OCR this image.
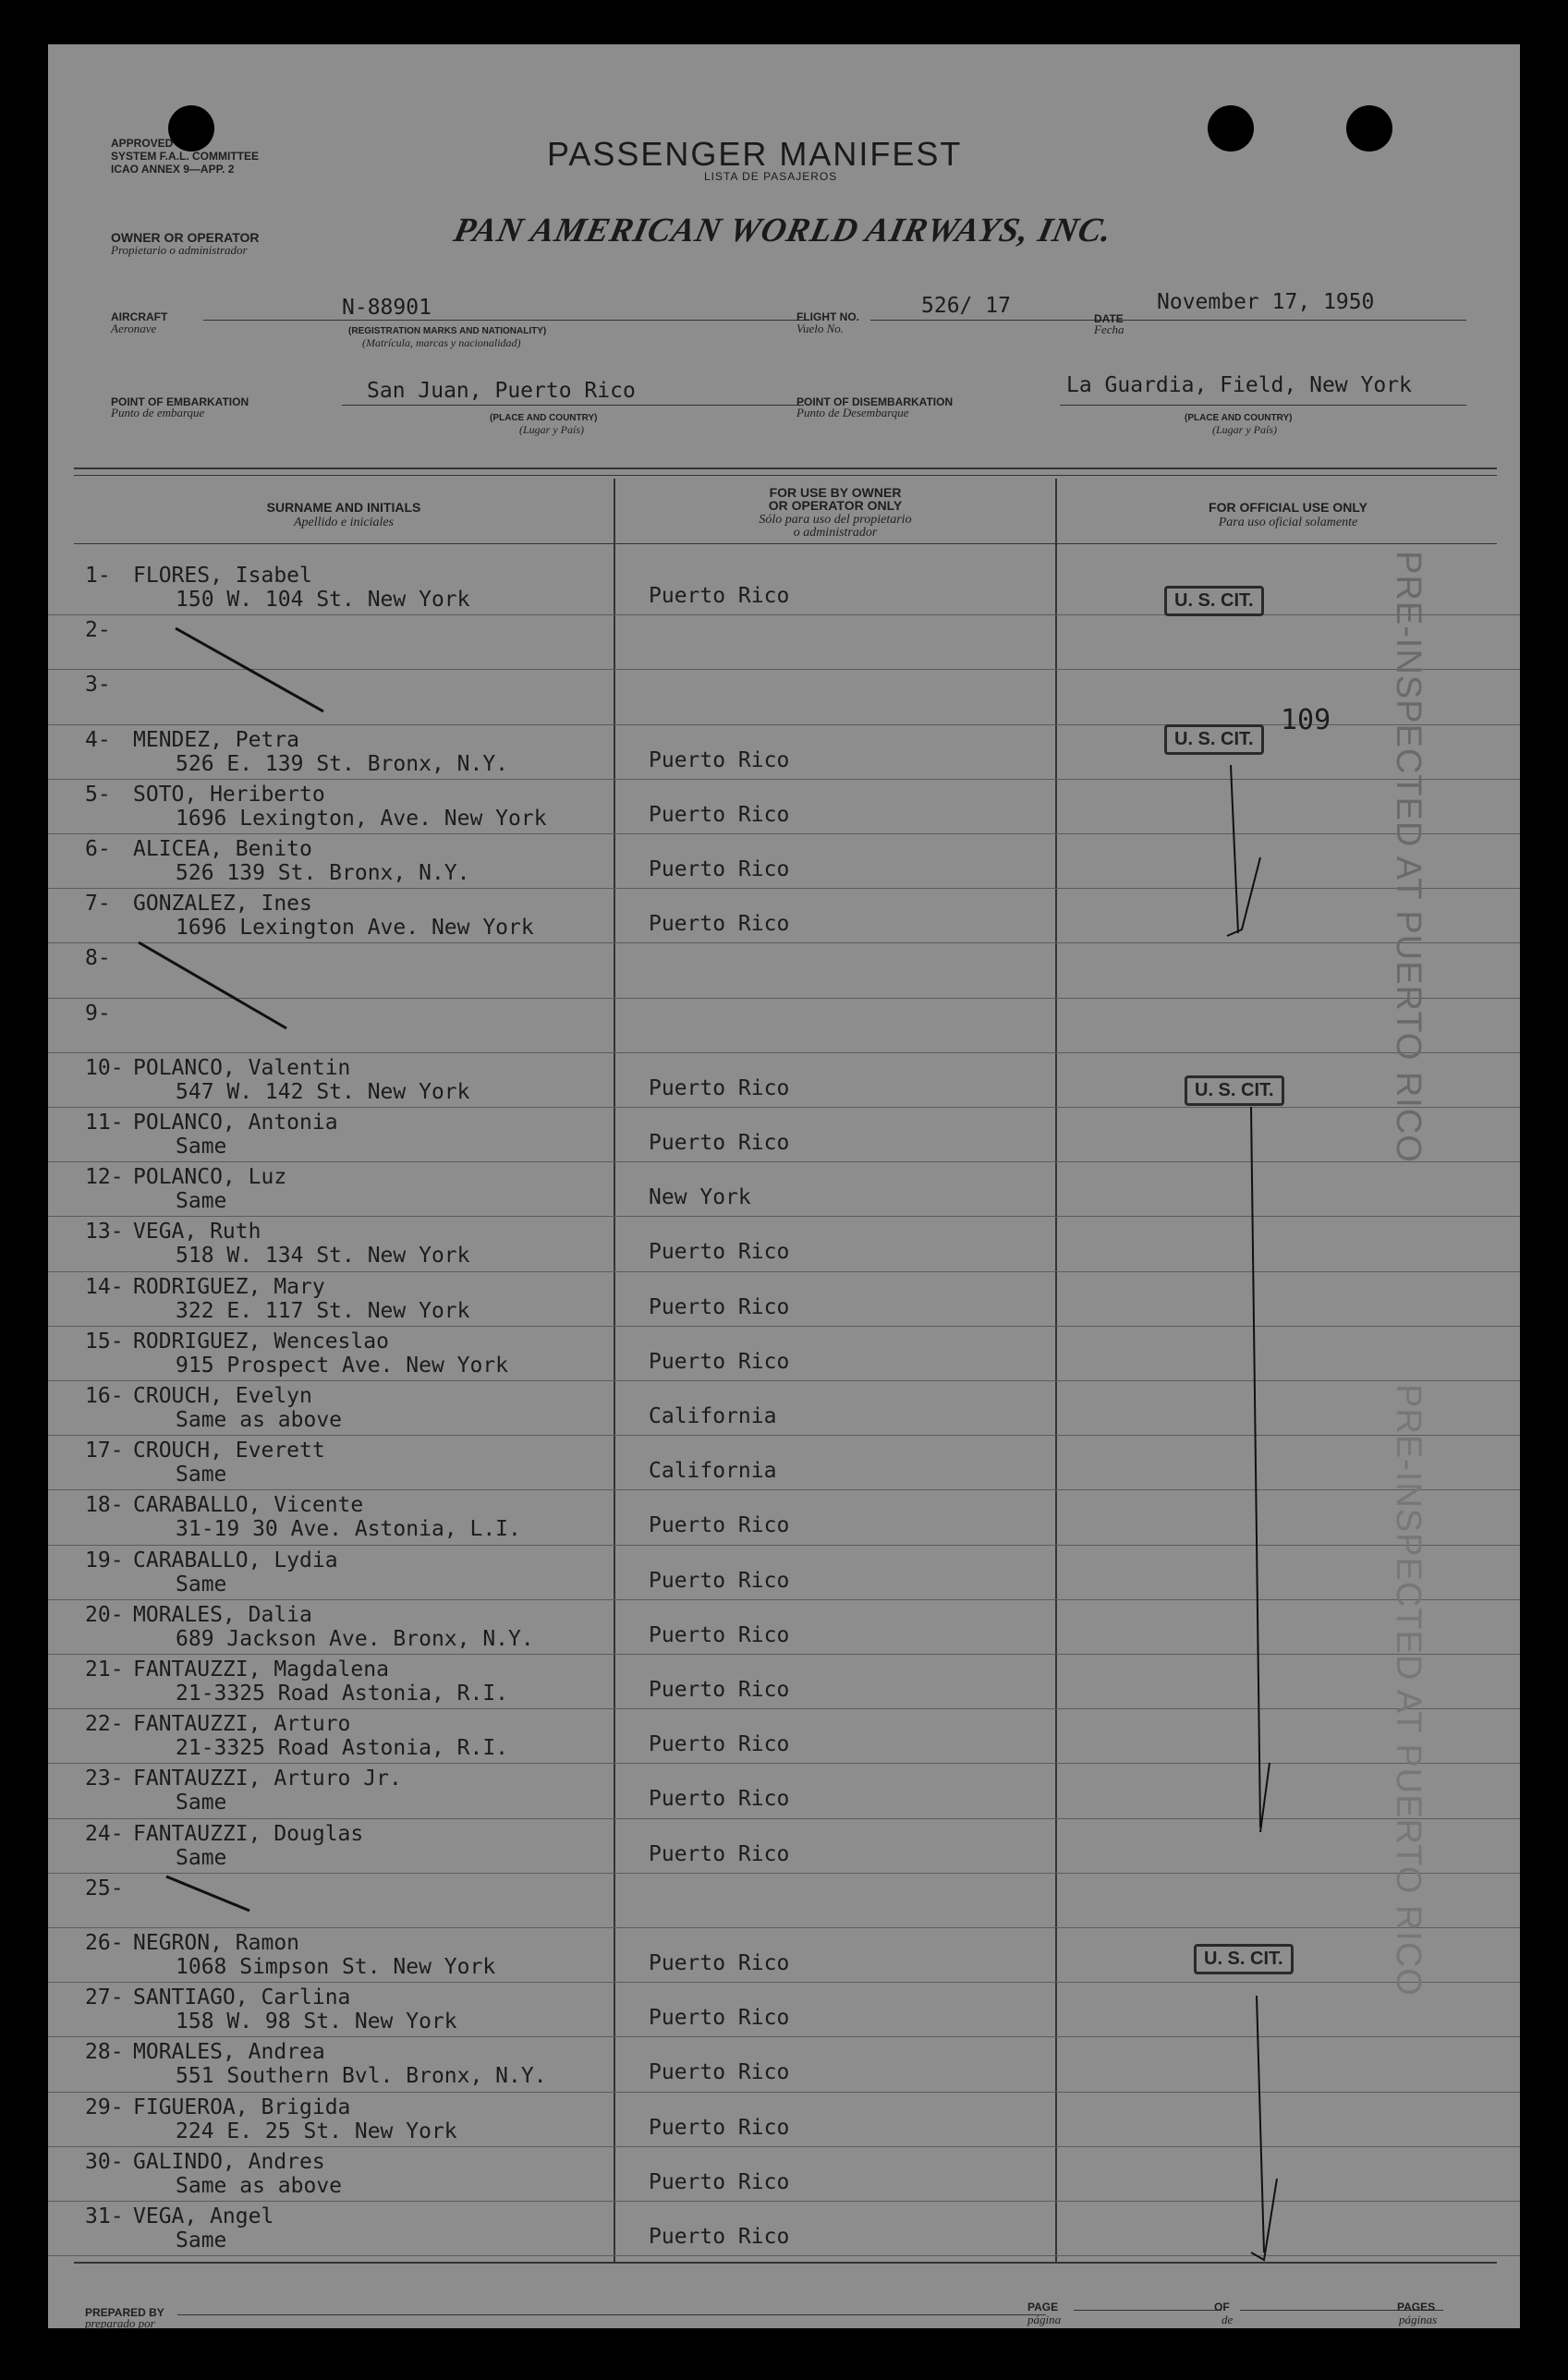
APPROVED
SYSTEM F.A.L. COMMITTEE
ICAO ANNEX 9—APP. 2	PASSENGER MANIFEST
LISTA DE PASAJEROS
OWNER OR OPERATOR
Propietario o administrador
PAN AMERICAN WORLD AIRWAYS, INC.
AIRCRAFT
Aeronave
N-88901
(REGISTRATION MARKS AND NATIONALITY)
(Matrícula, marcas y nacionalidad)
FLIGHT NO.
Vuelo No.
526/ 17
DATE
Fecha
November 17, 1950
POINT OF EMBARKATION
Punto de embarque
San Juan, Puerto Rico
(PLACE AND COUNTRY)
(Lugar y País)
POINT OF DISEMBARKATION
Punto de Desembarque
La Guardia, Field, New York
(PLACE AND COUNTRY)
(Lugar y País)
SURNAME AND INITIALS
Apellido e iniciales
FOR USE BY OWNER
OR OPERATOR ONLY
Sólo para uso del propietario
o administrador
FOR OFFICIAL USE ONLY
Para uso oficial solamente
1- FLORES, Isabel
150 W. 104 St. New York	Puerto Rico
2-
3-
4- MENDEZ, Petra
526 E. 139 St. Bronx, N.Y.	Puerto Rico
5- SOTO, Heriberto
1696 Lexington, Ave. New York	Puerto Rico
6- ALICEA, Benito
526 139 St. Bronx, N.Y.	Puerto Rico
7- GONZALEZ, Ines
1696 Lexington Ave. New York	Puerto Rico
8-
9-
10- POLANCO, Valentin
547 W. 142 St. New York	Puerto Rico
11- POLANCO, Antonia
Same	Puerto Rico
12- POLANCO, Luz
Same	New York
13- VEGA, Ruth
518 W. 134 St. New York	Puerto Rico
14- RODRIGUEZ, Mary
322 E. 117 St. New York	Puerto Rico
15- RODRIGUEZ, Wenceslao
915 Prospect Ave. New York	Puerto Rico
16- CROUCH, Evelyn
Same as above	California
17- CROUCH, Everett
Same	California
18- CARABALLO, Vicente
31-19 30 Ave. Astonia, L.I.	Puerto Rico
19- CARABALLO, Lydia
Same	Puerto Rico
20- MORALES, Dalia
689 Jackson Ave. Bronx, N.Y.	Puerto Rico
21- FANTAUZZI, Magdalena
21-3325 Road Astonia, R.I.	Puerto Rico
22- FANTAUZZI, Arturo
21-3325 Road Astonia, R.I.	Puerto Rico
23- FANTAUZZI, Arturo Jr.
Same	Puerto Rico
24- FANTAUZZI, Douglas
Same	Puerto Rico
25-
26- NEGRON, Ramon
1068 Simpson St. New York	Puerto Rico
27- SANTIAGO, Carlina
158 W. 98 St. New York	Puerto Rico
28- MORALES, Andrea
551 Southern Bvl. Bronx, N.Y.	Puerto Rico
29- FIGUEROA, Brigida
224 E. 25 St. New York	Puerto Rico
30- GALINDO, Andres
Same as above	Puerto Rico
31- VEGA, Angel
Same	Puerto Rico
U. S. CIT.
U. S. CIT.
109
U. S. CIT.
U. S. CIT.
PRE-INSPECTED AT PUERTO RICO
PRE-INSPECTED AT PUERTO RICO
PREPARED BY
preparado por
PAGE
página
OF
de
PAGES
páginas
